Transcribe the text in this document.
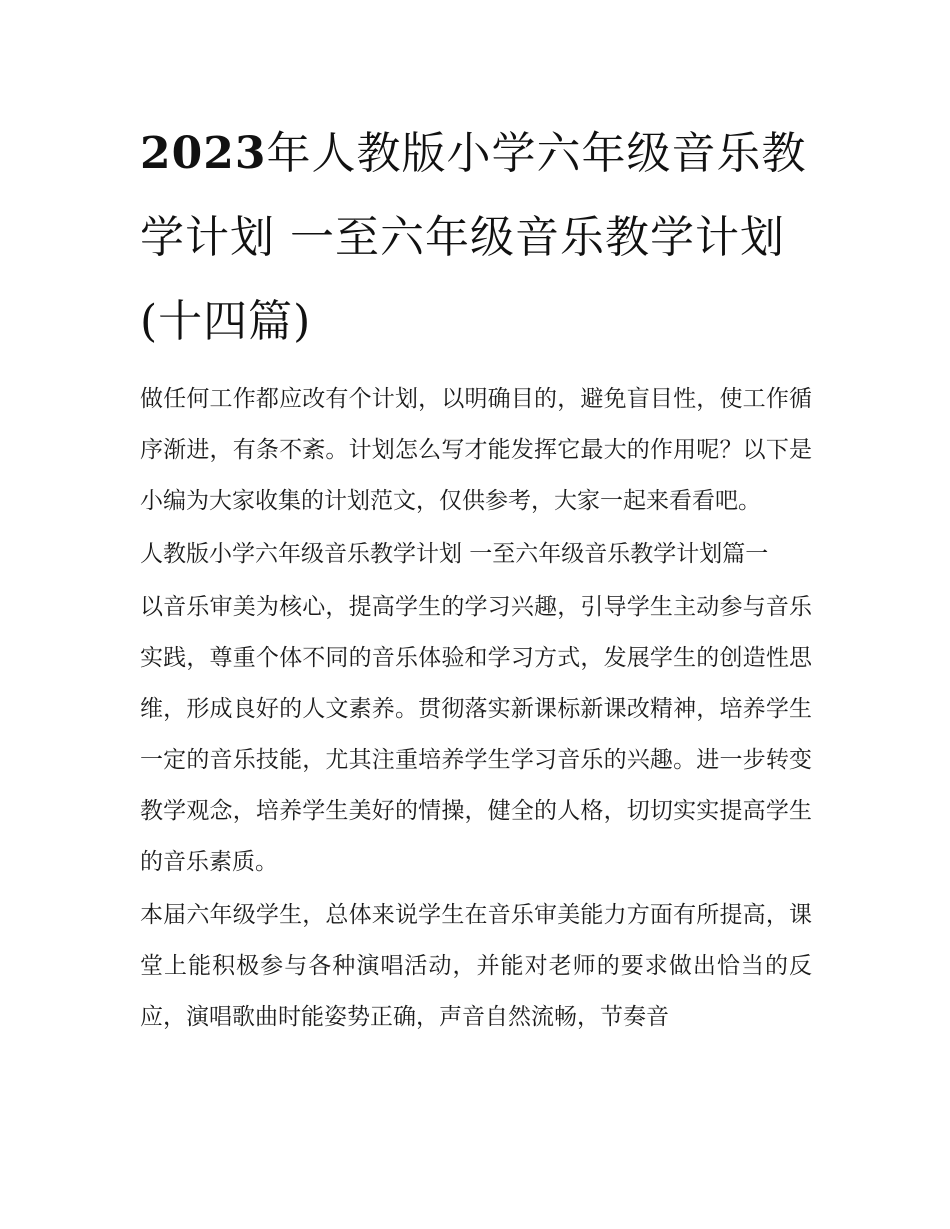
2023年人教版小学六年级音乐教学计划 一至六年级音乐教学计划(十四篇)

做任何工作都应改有个计划，以明确目的，避免盲目性，使工作循序渐进，有条不紊。计划怎么写才能发挥它最大的作用呢？以下是小编为大家收集的计划范文，仅供参考，大家一起来看看吧。

人教版小学六年级音乐教学计划 一至六年级音乐教学计划篇一

以音乐审美为核心，提高学生的学习兴趣，引导学生主动参与音乐实践，尊重个体不同的音乐体验和学习方式，发展学生的创造性思维，形成良好的人文素养。贯彻落实新课标新课改精神，培养学生一定的音乐技能，尤其注重培养学生学习音乐的兴趣。进一步转变教学观念，培养学生美好的情操，健全的人格，切切实实提高学生的音乐素质。

本届六年级学生，总体来说学生在音乐审美能力方面有所提高，课堂上能积极参与各种演唱活动，并能对老师的要求做出恰当的反应，演唱歌曲时能姿势正确，声音自然流畅，节奏音
